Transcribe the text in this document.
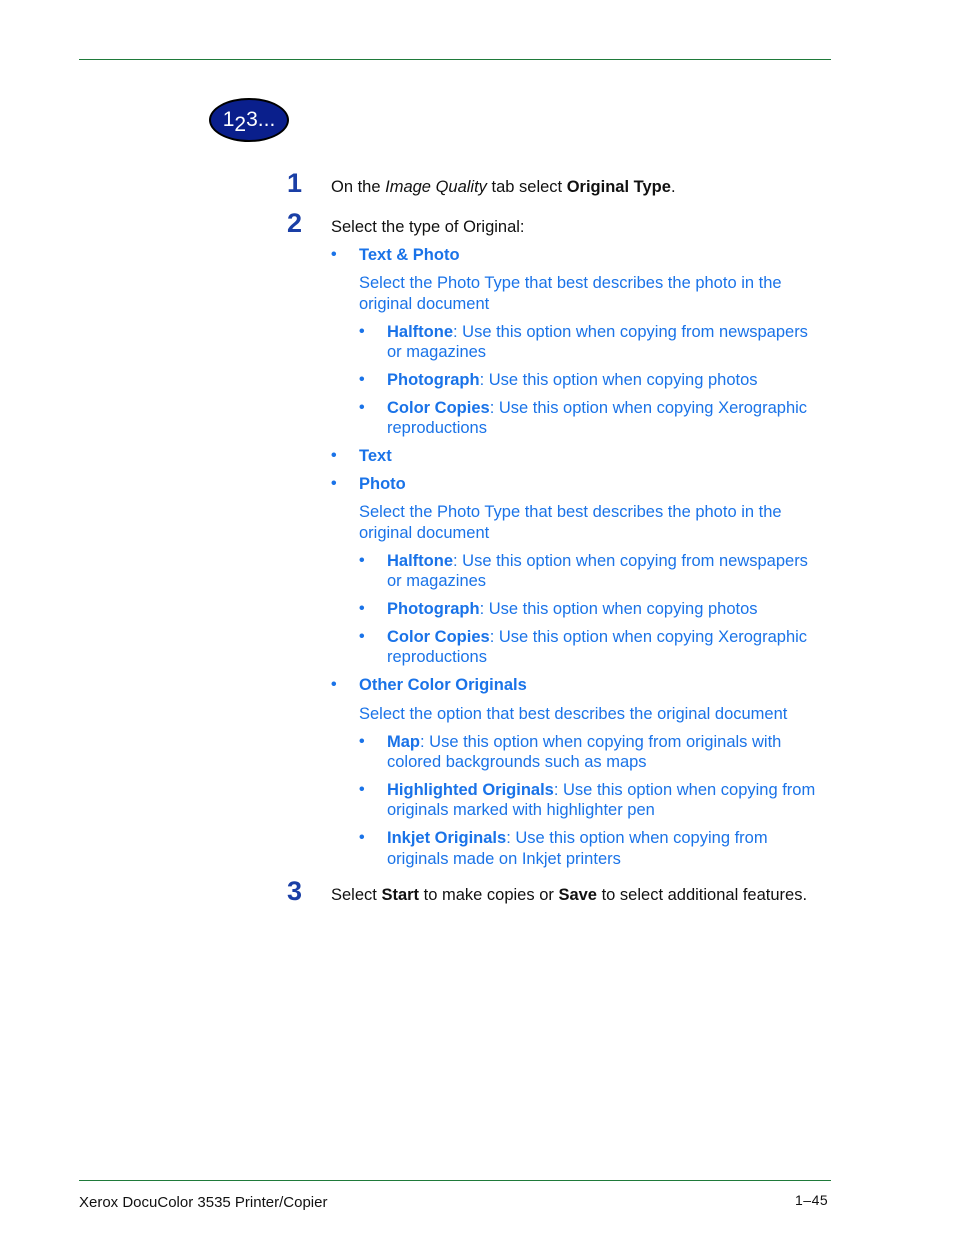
1 2 3...
1 On the Image Quality tab select Original Type.
2 Select the type of Original:
• Text & Photo
Select the Photo Type that best describes the photo in the
original document
• Halftone: Use this option when copying from newspapers
or magazines
• Photograph: Use this option when copying photos
• Color Copies: Use this option when copying Xerographic
reproductions
• Text
• Photo
Select the Photo Type that best describes the photo in the
original document
• Halftone: Use this option when copying from newspapers
or magazines
• Photograph: Use this option when copying photos
• Color Copies: Use this option when copying Xerographic
reproductions
• Other Color Originals
Select the option that best describes the original document
• Map: Use this option when copying from originals with
colored backgrounds such as maps
• Highlighted Originals: Use this option when copying from
originals marked with highlighter pen
• Inkjet Originals: Use this option when copying from
originals made on Inkjet printers
3 Select Start to make copies or Save to select additional features.
Xerox DocuColor 3535 Printer/Copier	1–45
